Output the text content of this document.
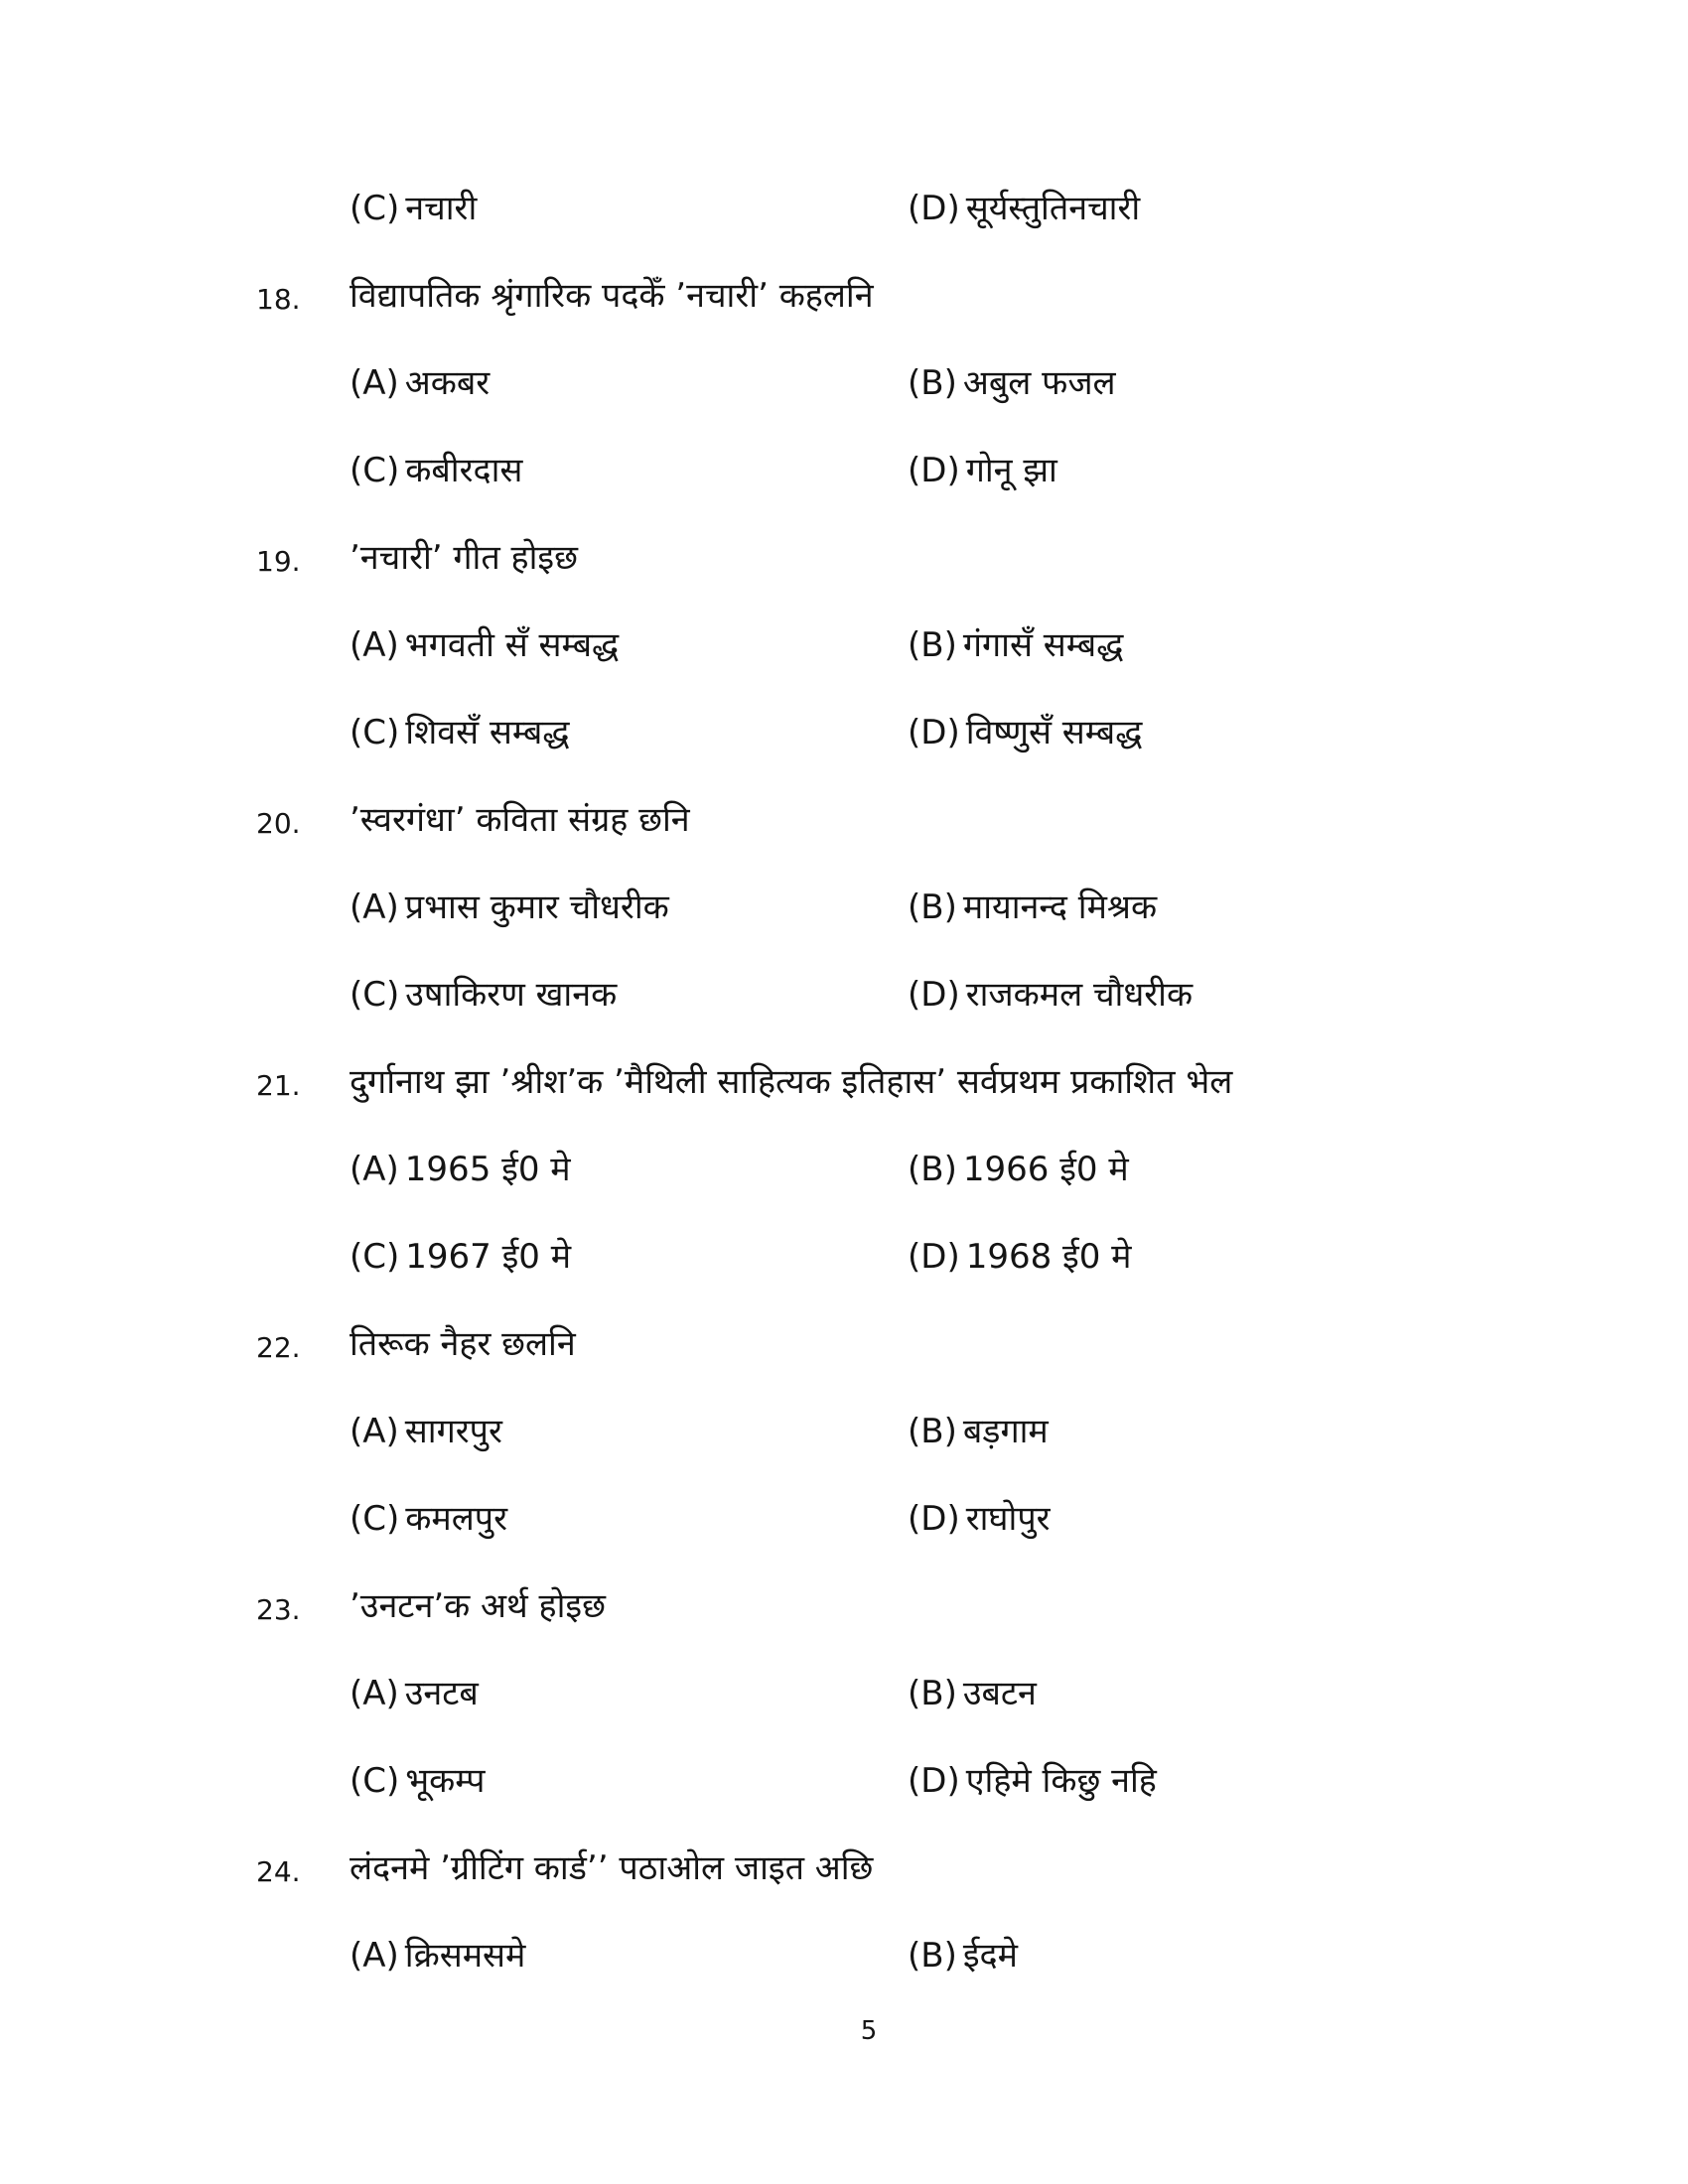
(C) नचारी	(D) सूर्यस्तुतिनचारी
18. विद्यापतिक श्रृंगारिक पदकेँ ’नचारी’ कहलनि
(A) अकबर	(B) अबुल फजल
(C) कबीरदास	(D) गोनू झा
19. ’नचारी’ गीत होइछ
(A) भगवती सँ सम्बद्ध	(B) गंगासँ सम्बद्ध
(C) शिवसँ सम्बद्ध	(D) विष्णुसँ सम्बद्ध
20. ’स्वरगंधा’ कविता संग्रह छनि
(A) प्रभास कुमार चौधरीक	(B) मायानन्द मिश्रक
(C) उषाकिरण खानक	(D) राजकमल चौधरीक
21. दुर्गानाथ झा ’श्रीश’क ’मैथिली साहित्यक इतिहास’ सर्वप्रथम प्रकाशित भेल
(A) 1965 ई0 मे	(B) 1966 ई0 मे
(C) 1967 ई0 मे	(D) 1968 ई0 मे
22. तिरूक नैहर छलनि
(A) सागरपुर	(B) बड़गाम
(C) कमलपुर	(D) राघोपुर
23. ’उनटन’क अर्थ होइछ
(A) उनटब	(B) उबटन
(C) भूकम्प	(D) एहिमे किछु नहि
24. लंदनमे ’ग्रीटिंग कार्ड’’ पठाओल जाइत अछि
(A) क्रिसमसमे	(B) ईदमे
5
